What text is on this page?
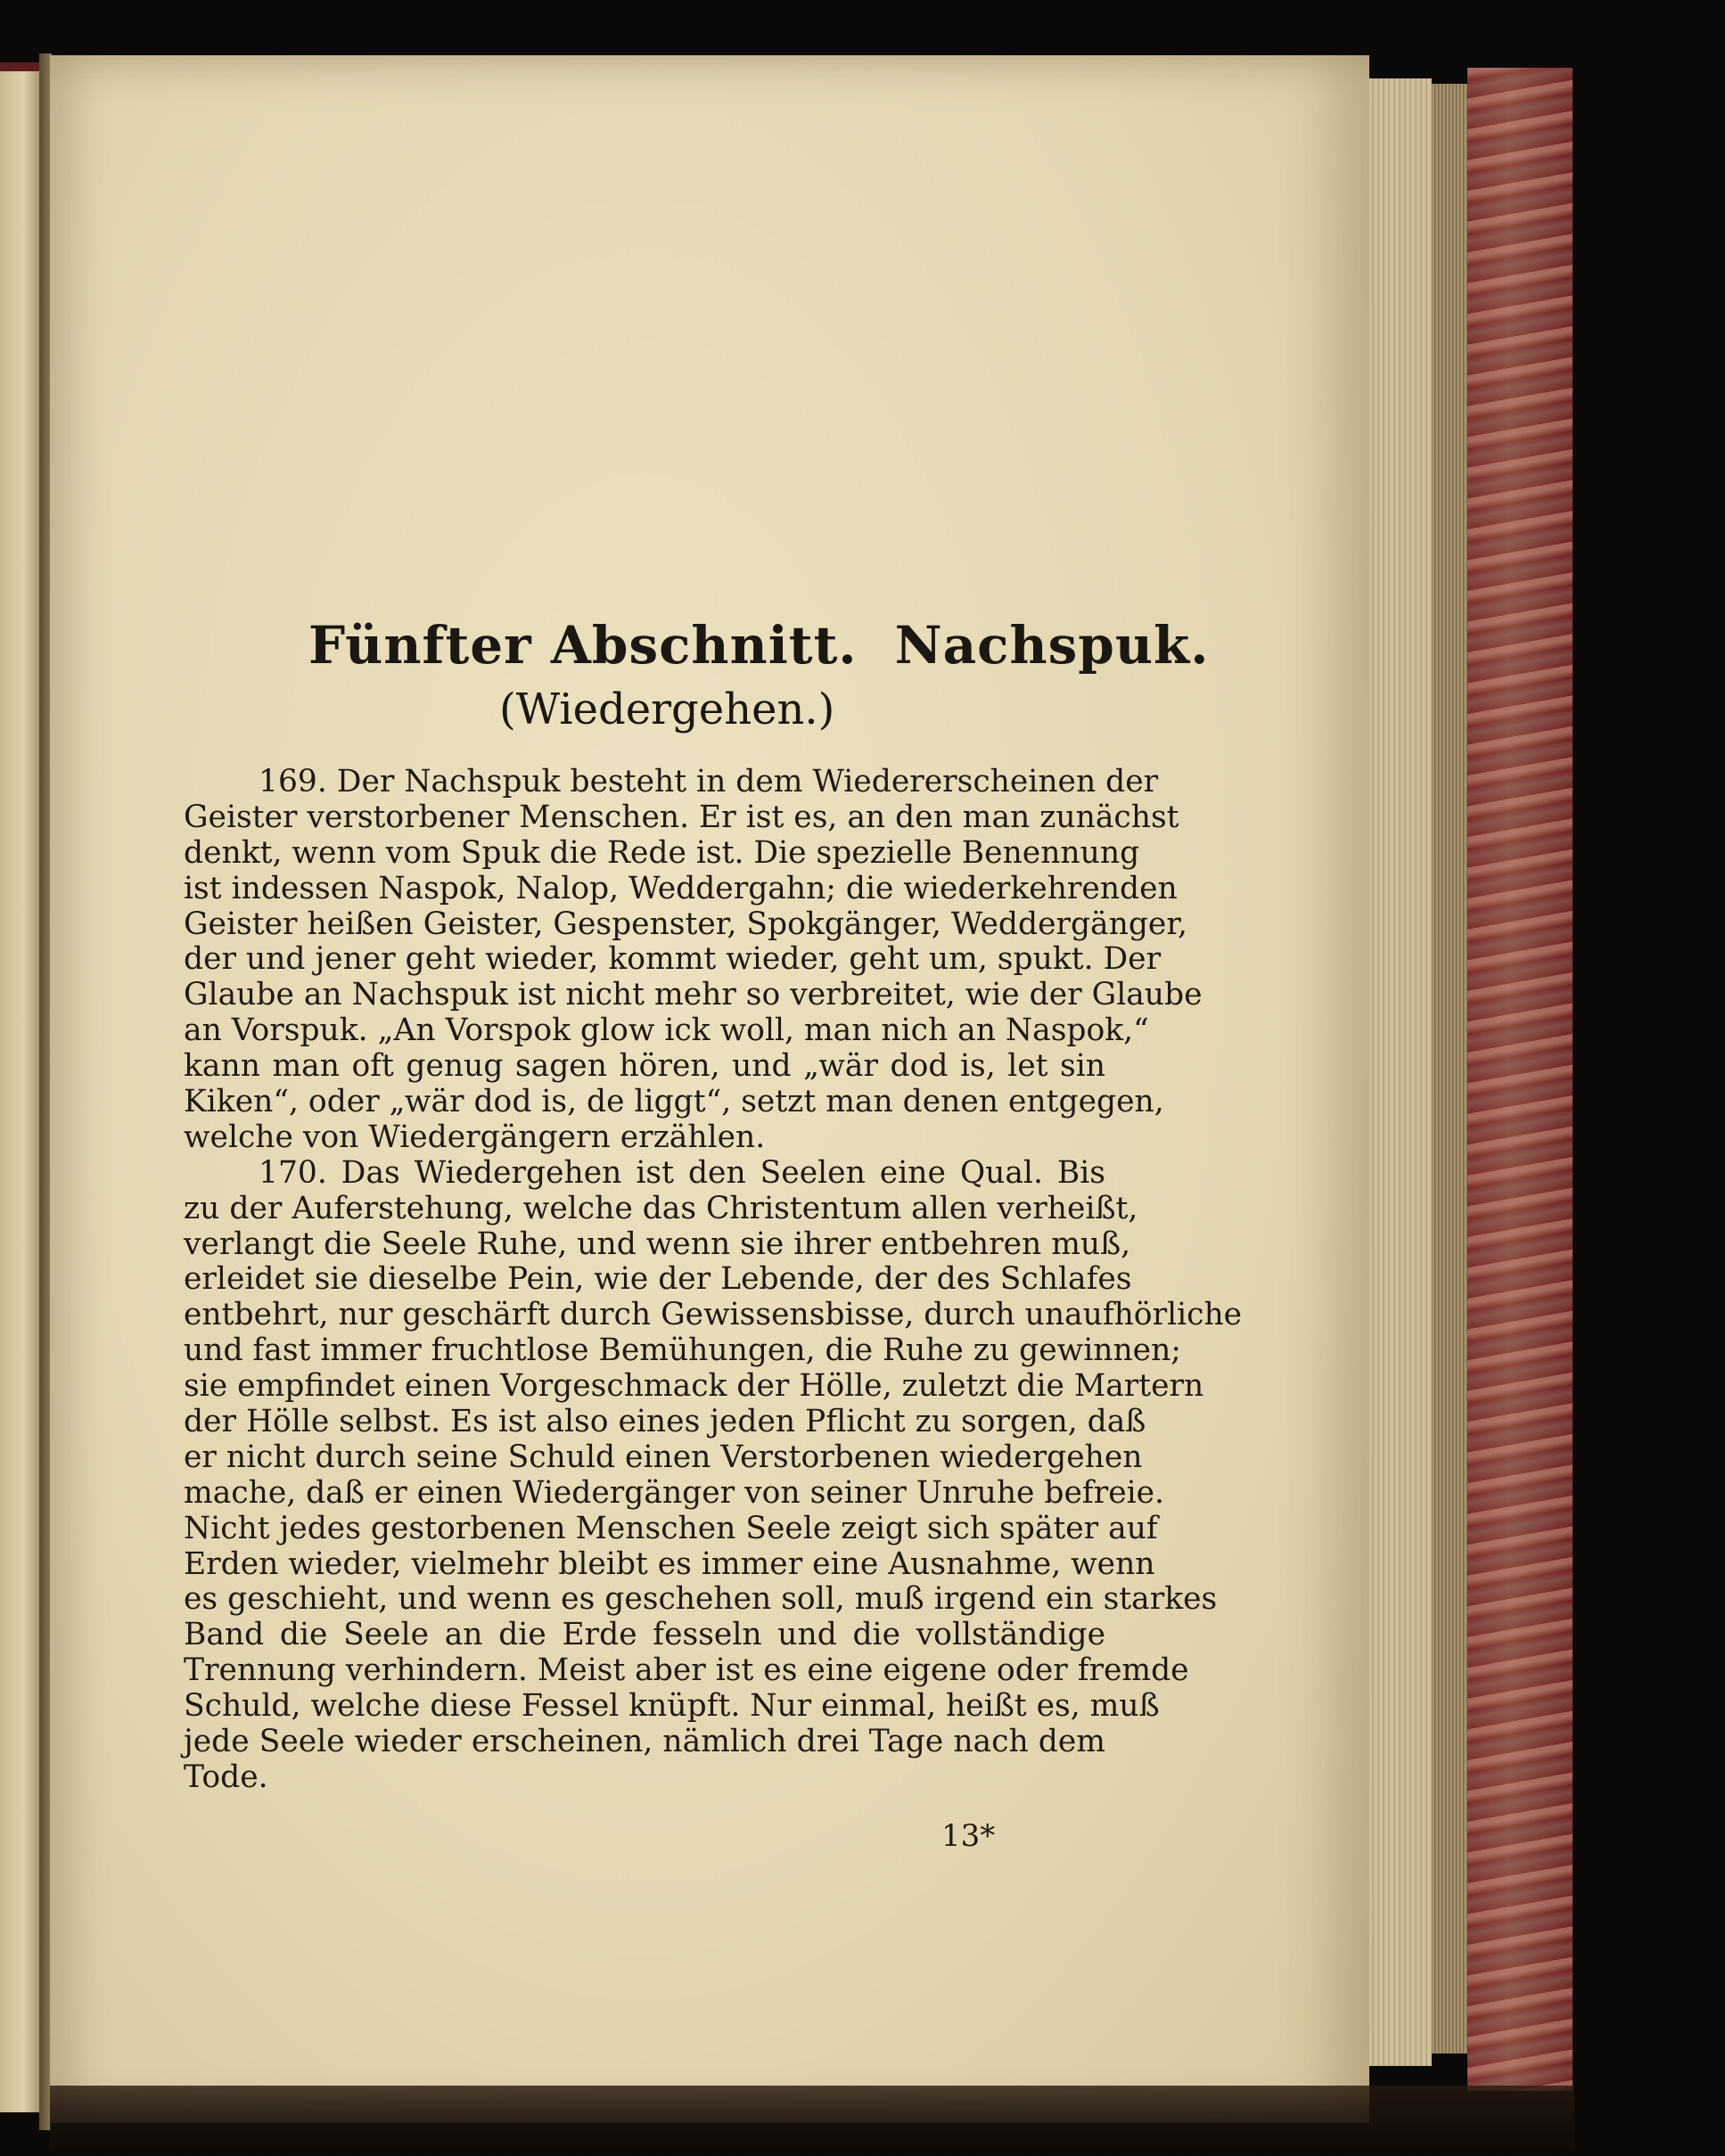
Fünfter Abschnitt. Nachspuk.
(Wiedergehen.)
169. Der Nachspuk besteht in dem Wiedererscheinen der
Geister verstorbener Menschen. Er ist es, an den man zunächst
denkt, wenn vom Spuk die Rede ist. Die spezielle Benennung
ist indessen Naspok, Nalop, Weddergahn; die wiederkehrenden
Geister heißen Geister, Gespenster, Spokgänger, Weddergänger,
der und jener geht wieder, kommt wieder, geht um, spukt. Der
Glaube an Nachspuk ist nicht mehr so verbreitet, wie der Glaube
an Vorspuk. „An Vorspok glow ick woll, man nich an Naspok,“
kann man oft genug sagen hören, und „wär dod is, let sin
Kiken“, oder „wär dod is, de liggt“, setzt man denen entgegen,
welche von Wiedergängern erzählen.
170. Das Wiedergehen ist den Seelen eine Qual. Bis
zu der Auferstehung, welche das Christentum allen verheißt,
verlangt die Seele Ruhe, und wenn sie ihrer entbehren muß,
erleidet sie dieselbe Pein, wie der Lebende, der des Schlafes
entbehrt, nur geschärft durch Gewissensbisse, durch unaufhörliche
und fast immer fruchtlose Bemühungen, die Ruhe zu gewinnen;
sie empfindet einen Vorgeschmack der Hölle, zuletzt die Martern
der Hölle selbst. Es ist also eines jeden Pflicht zu sorgen, daß
er nicht durch seine Schuld einen Verstorbenen wiedergehen
mache, daß er einen Wiedergänger von seiner Unruhe befreie.
Nicht jedes gestorbenen Menschen Seele zeigt sich später auf
Erden wieder, vielmehr bleibt es immer eine Ausnahme, wenn
es geschieht, und wenn es geschehen soll, muß irgend ein starkes
Band die Seele an die Erde fesseln und die vollständige
Trennung verhindern. Meist aber ist es eine eigene oder fremde
Schuld, welche diese Fessel knüpft. Nur einmal, heißt es, muß
jede Seele wieder erscheinen, nämlich drei Tage nach dem
Tode.
13*
